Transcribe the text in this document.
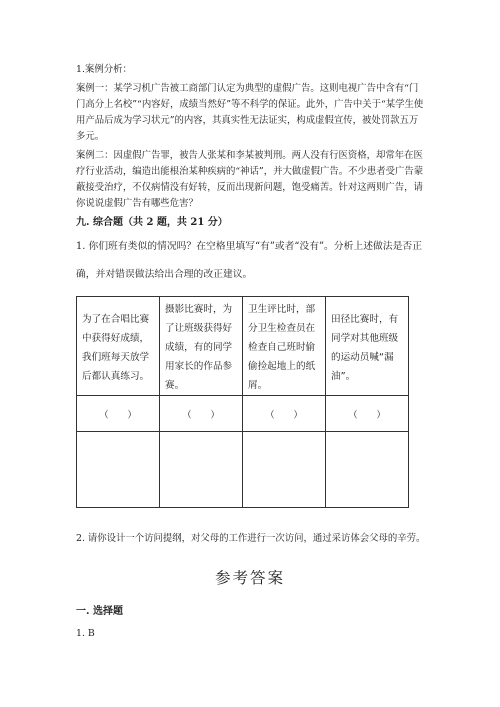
1.案例分析：

案例一：某学习机广告被工商部门认定为典型的虚假广告。这则电视广告中含有“门门高分上名校”“内容好，成绩当然好”等不科学的保证。此外，广告中关于“某学生使用产品后成为学习状元”的内容，其真实性无法证实，构成虚假宣传，被处罚款五万多元。

案例二：因虚假广告罪，被告人张某和李某被判刑。两人没有行医资格，却常年在医疗行业活动，编造出能根治某种疾病的“神话”，并大做虚假广告。不少患者受广告蒙蔽接受治疗，不仅病情没有好转，反而出现新问题，饱受痛苦。针对这两则广告，请你说说虚假广告有哪些危害？

九. 综合题（共 2 题，共 21 分）

1. 你们班有类似的情况吗？在空格里填写“有”或者“没有”。分析上述做法是否正确，并对错误做法给出合理的改正建议。

为了在合唱比赛中获得好成绩，我们班每天放学后都认真练习。	摄影比赛时，为了让班级获得好成绩，有的同学用家长的作品参赛。	卫生评比时，部分卫生检查员在检查自己班时偷偷捡起地上的纸屑。	田径比赛时，有同学对其他班级的运动员喊“漏油”。

（　　）	（　　）	（　　）	（　　）

2. 请你设计一个访问提纲，对父母的工作进行一次访问，通过采访体会父母的辛劳。

参考答案

一. 选择题

1. B
